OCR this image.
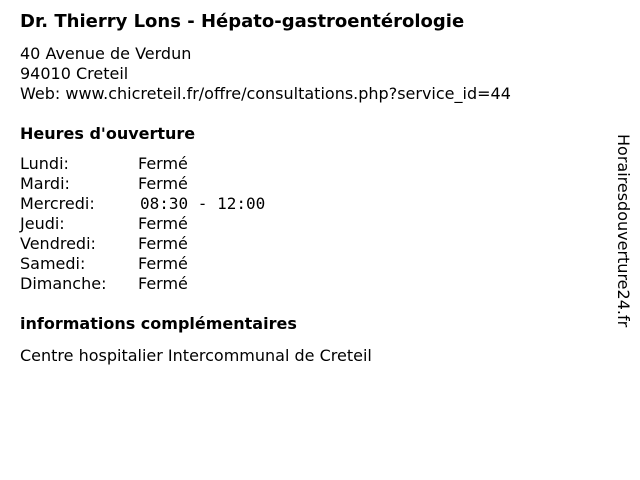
Dr. Thierry Lons - Hépato-gastroentérologie
40 Avenue de Verdun
94010 Creteil
Web: www.chicreteil.fr/offre/consultations.php?service_id=44
Heures d'ouverture
Lundi:	Fermé
Mardi:	Fermé
Mercredi:	08:30 - 12:00
Jeudi:	Fermé
Vendredi:	Fermé
Samedi:	Fermé
Dimanche: Fermé
informations complémentaires
Centre hospitalier Intercommunal de Creteil
Horairesdouverture24.fr
